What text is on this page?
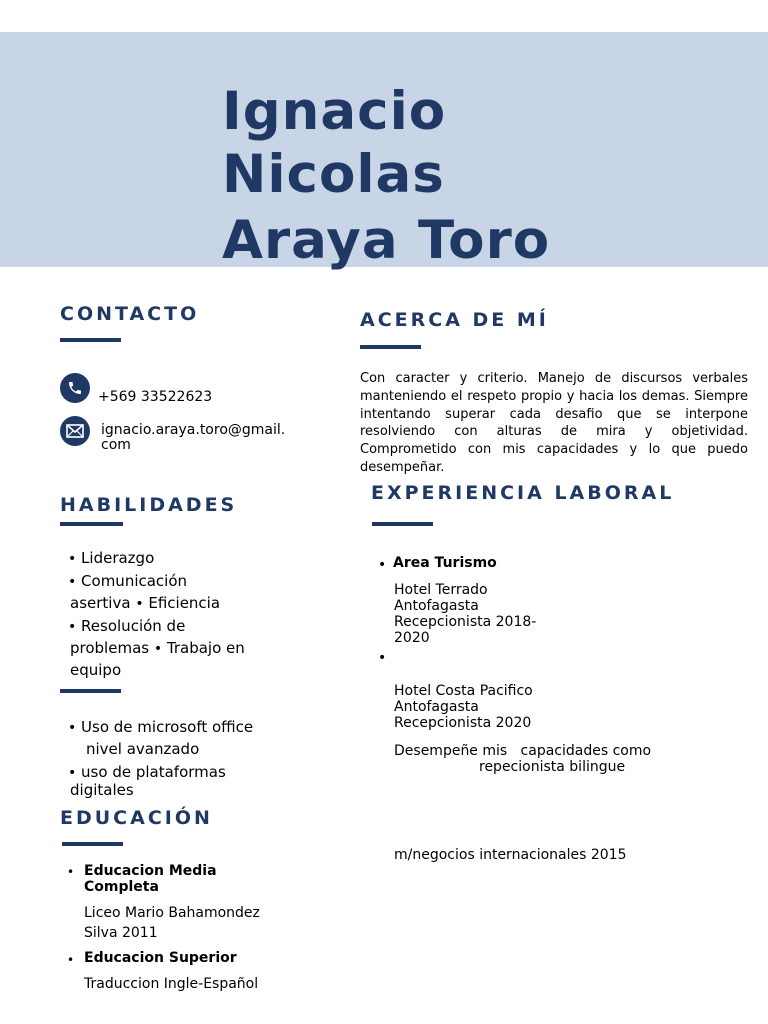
Ignacio
Nicolas
Araya Toro
CONTACTO
+569 33522623
ignacio.araya.toro@gmail.
com
HABILIDADES
• Liderazgo
• Comunicación
asertiva • Eficiencia
• Resolución de
problemas • Trabajo en
equipo
• Uso de microsoft office
nivel avanzado
• uso de plataformas
digitales
EDUCACIÓN
• Educacion Media
Completa
Liceo Mario Bahamondez
Silva 2011
• Educacion Superior
Traduccion Ingle-Español
ACERCA DE MÍ
Con caracter y criterio. Manejo de discursos verbales manteniendo el respeto propio y hacia los demas. Siempre intentando superar cada desafio que se interpone resolviendo con alturas de mira y objetividad. Comprometido con mis capacidades y lo que puedo desempeñar.
EXPERIENCIA LABORAL
• Area Turismo
Hotel Terrado
Antofagasta
Recepcionista 2018-
2020
•
Hotel Costa Pacifico
Antofagasta
Recepcionista 2020
Desempeñe mis   capacidades como
repecionista bilingue
m/negocios internacionales 2015
